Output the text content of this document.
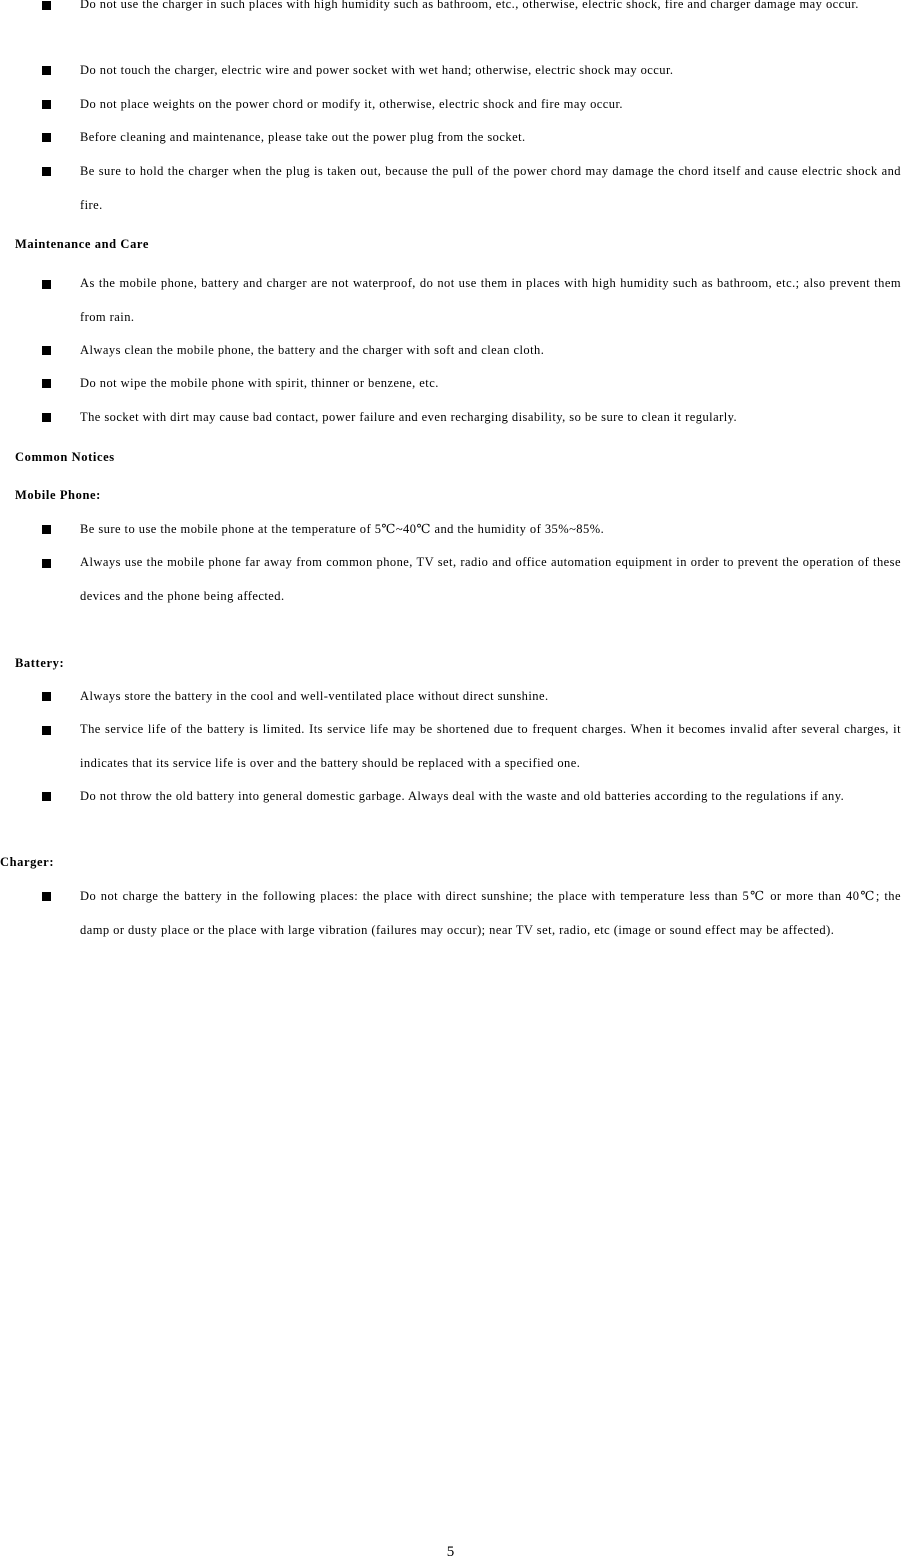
Do not use the charger in such places with high humidity such as bathroom, etc., otherwise, electric shock, fire and charger damage may occur.
Do not touch the charger, electric wire and power socket with wet hand; otherwise, electric shock may occur.
Do not place weights on the power chord or modify it, otherwise, electric shock and fire may occur.
Before cleaning and maintenance, please take out the power plug from the socket.
Be sure to hold the charger when the plug is taken out, because the pull of the power chord may damage the chord itself and cause electric shock and fire.
Maintenance and Care
As the mobile phone, battery and charger are not waterproof, do not use them in places with high humidity such as bathroom, etc.; also prevent them from rain.
Always clean the mobile phone, the battery and the charger with soft and clean cloth.
Do not wipe the mobile phone with spirit, thinner or benzene, etc.
The socket with dirt may cause bad contact, power failure and even recharging disability, so be sure to clean it regularly.
Common Notices
Mobile Phone:
Be sure to use the mobile phone at the temperature of 5℃~40℃ and the humidity of 35%~85%.
Always use the mobile phone far away from common phone, TV set, radio and office automation equipment in order to prevent the operation of these devices and the phone being affected.
Battery:
Always store the battery in the cool and well-ventilated place without direct sunshine.
The service life of the battery is limited. Its service life may be shortened due to frequent charges. When it becomes invalid after several charges, it indicates that its service life is over and the battery should be replaced with a specified one.
Do not throw the old battery into general domestic garbage. Always deal with the waste and old batteries according to the regulations if any.
Charger:
Do not charge the battery in the following places: the place with direct sunshine; the place with temperature less than 5℃ or more than 40℃; the damp or dusty place or the place with large vibration (failures may occur); near TV set, radio, etc (image or sound effect may be affected).
5
